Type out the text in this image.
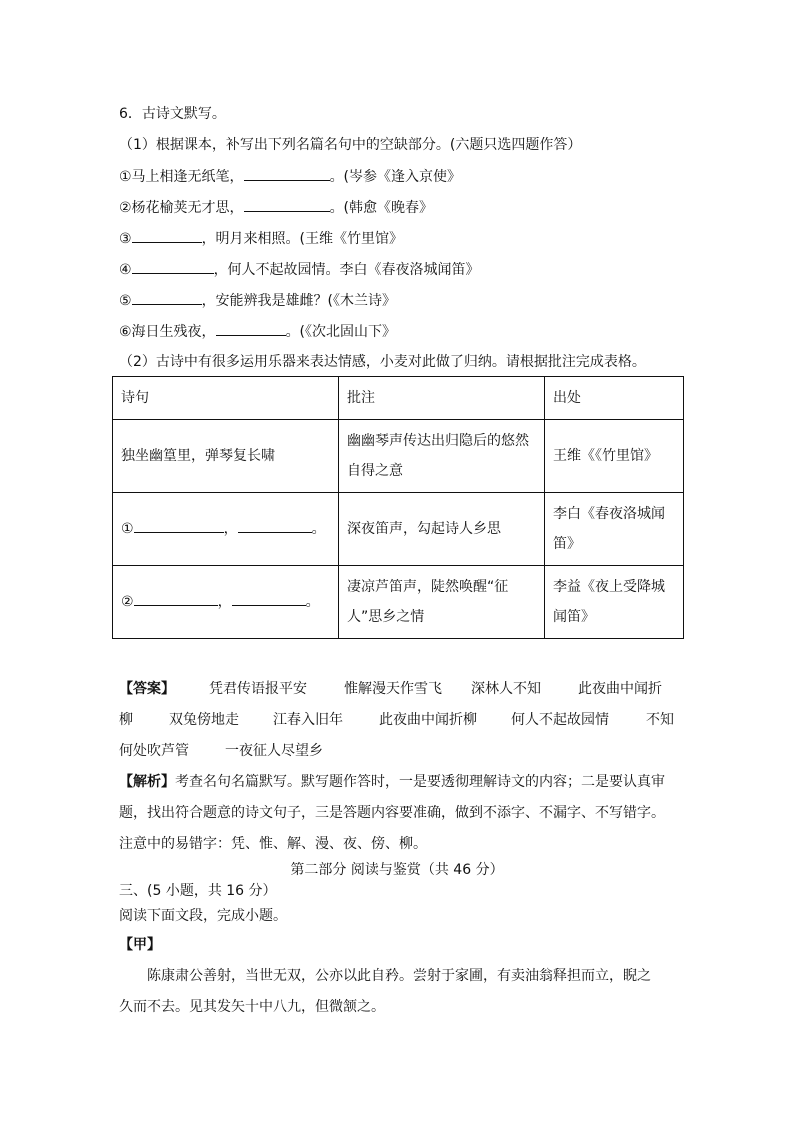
6．古诗文默写。
（1）根据课本，补写出下列名篇名句中的空缺部分。(六题只选四题作答）
①马上相逢无纸笔，	。(岑参《逢入京使》
②杨花榆荚无才思，	。(韩愈《晚春》
③	，明月来相照。(王维《竹里馆》
④	，何人不起故园情。李白《春夜洛城闻笛》
⑤	，安能辨我是雄雌？(《木兰诗》
⑥海日生残夜，	。(《次北固山下》
（2）古诗中有很多运用乐器来表达情感，小麦对此做了归纳。请根据批注完成表格。
诗句	批注	出处
独坐幽篁里，弹琴复长啸	幽幽琴声传达出归隐后的悠然自得之意	王维《《竹里馆》
① ， 。	深夜笛声，勾起诗人乡思	李白《春夜洛城闻笛》
② ， 。	凄凉芦笛声，陡然唤醒“征人”思乡之情	李益《夜上受降城闻笛》
【答案】 凭君传语报平安	惟解漫天作雪飞 深林人不知	此夜曲中闻折
柳	双兔傍地走 江春入旧年	此夜曲中闻折柳 何人不起故园情	不知
何处吹芦管	一夜征人尽望乡
【解析】考查名句名篇默写。默写题作答时，一是要透彻理解诗文的内容；二是要认真审
题，找出符合题意的诗文句子，三是答题内容要准确，做到不添字、不漏字、不写错字。
注意中的易错字：凭、惟、解、漫、夜、傍、柳。
第二部分 阅读与鉴赏（共 46 分）
三、(5 小题，共 16 分）
阅读下面文段，完成小题。
【甲】
陈康肃公善射，当世无双，公亦以此自矜。尝射于家圃，有卖油翁释担而立，睨之
久而不去。见其发矢十中八九，但微颔之。
